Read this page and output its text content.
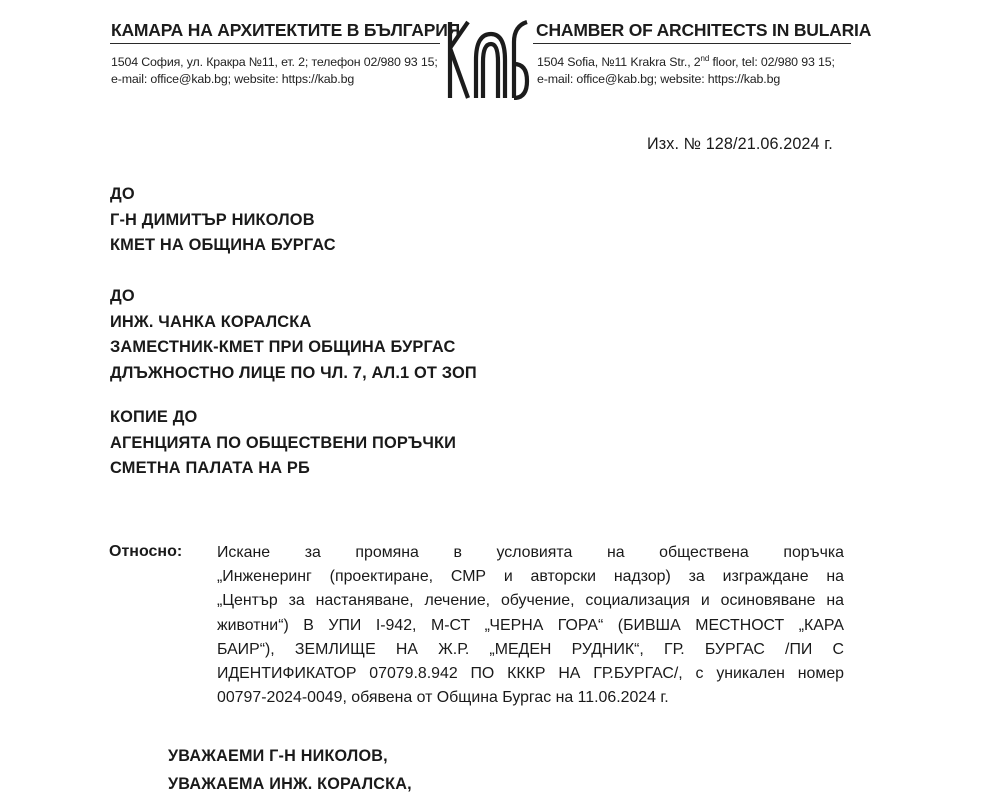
КАМАРА НА АРХИТЕКТИТЕ В БЪЛГАРИЯ
1504 София, ул. Кракра №11, ет. 2; телефон 02/980 93 15;
e-mail: office@kab.bg; website: https://kab.bg
CHAMBER OF ARCHITECTS IN BULARIA
1504 Sofia, №11 Krakra Str., 2nd floor, tel: 02/980 93 15;
e-mail: office@kab.bg; website: https://kab.bg
Изх. № 128/21.06.2024 г.
ДО
Г-Н ДИМИТЪР НИКОЛОВ
КМЕТ НА ОБЩИНА БУРГАС
ДО
ИНЖ. ЧАНКА КОРАЛСКА
ЗАМЕСТНИК-КМЕТ ПРИ ОБЩИНА БУРГАС
ДЛЪЖНОСТНО ЛИЦЕ ПО ЧЛ. 7, АЛ.1 ОТ ЗОП
КОПИЕ ДО
АГЕНЦИЯТА ПО ОБЩЕСТВЕНИ ПОРЪЧКИ
СМЕТНА ПАЛАТА НА РБ
Относно: Искане за промяна в условията на обществена поръчка
„Инженеринг (проектиране, СМР и авторски надзор) за изграждане на
„Център за настаняване, лечение, обучение, социализация и осиновяване на
животни“) В УПИ I-942, М-СТ „ЧЕРНА ГОРА“ (БИВША МЕСТНОСТ „КАРА
БАИР“), ЗЕМЛИЩЕ НА Ж.Р. „МЕДЕН РУДНИК“, ГР. БУРГАС /ПИ С
ИДЕНТИФИКАТОР 07079.8.942 ПО КККР НА ГР.БУРГАС/, с уникален номер
00797-2024-0049, обявена от Община Бургас на 11.06.2024 г.
УВАЖАЕМИ Г-Н НИКОЛОВ,
УВАЖАЕМА ИНЖ. КОРАЛСКА,
